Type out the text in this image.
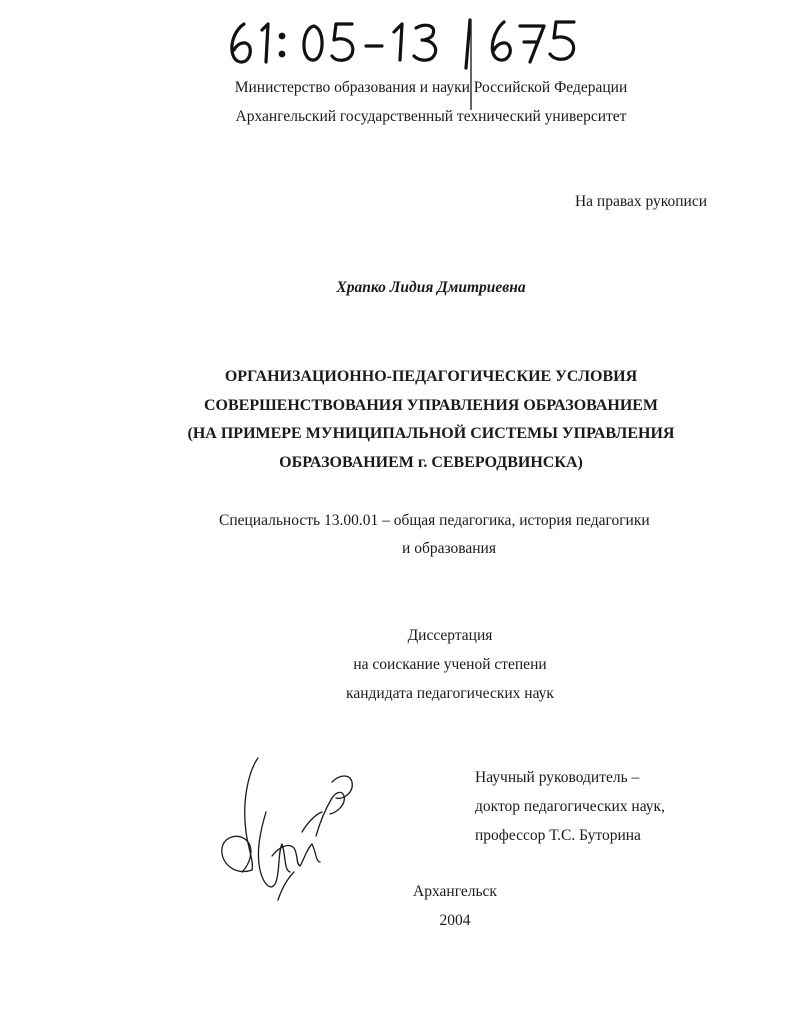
Министерство образования и науки Российской Федерации
Архангельский государственный технический университет
На правах рукописи
Храпко Лидия Дмитриевна
ОРГАНИЗАЦИОННО-ПЕДАГОГИЧЕСКИЕ УСЛОВИЯ
СОВЕРШЕНСТВОВАНИЯ УПРАВЛЕНИЯ ОБРАЗОВАНИЕМ
(НА ПРИМЕРЕ МУНИЦИПАЛЬНОЙ СИСТЕМЫ УПРАВЛЕНИЯ
ОБРАЗОВАНИЕМ г. СЕВЕРОДВИНСКА)
Специальность 13.00.01 – общая педагогика, история педагогики
и образования
Диссертация
на соискание ученой степени
кандидата педагогических наук
Научный руководитель –
доктор педагогических наук,
профессор Т.С. Буторина
Архангельск
2004
